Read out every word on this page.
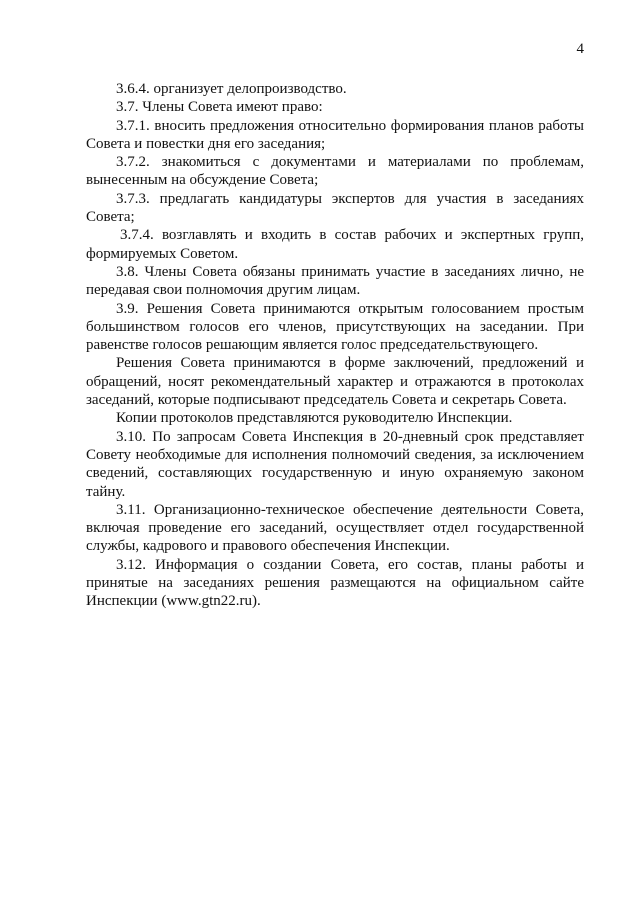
4

3.6.4. организует делопроизводство.

3.7. Члены Совета имеют право:

3.7.1. вносить предложения относительно формирования планов работы Совета и повестки дня его заседания;

3.7.2. знакомиться с документами и материалами по проблемам, вынесенным на обсуждение Совета;

3.7.3. предлагать кандидатуры экспертов для участия в заседаниях Совета;

3.7.4. возглавлять и входить в состав рабочих и экспертных групп, формируемых Советом.

3.8. Члены Совета обязаны принимать участие в заседаниях лично, не передавая свои полномочия другим лицам.

3.9. Решения Совета принимаются открытым голосованием простым большинством голосов его членов, присутствующих на заседании. При равенстве голосов решающим является голос председательствующего.

Решения Совета принимаются в форме заключений, предложений и обращений, носят рекомендательный характер и отражаются в протоколах заседаний, которые подписывают председатель Совета и секретарь Совета.

Копии протоколов представляются руководителю Инспекции.

3.10. По запросам Совета Инспекция в 20-дневный срок представляет Совету необходимые для исполнения полномочий сведения, за исключением сведений, составляющих государственную и иную охраняемую законом тайну.

3.11. Организационно-техническое обеспечение деятельности Совета, включая проведение его заседаний, осуществляет отдел государственной службы, кадрового и правового обеспечения Инспекции.

3.12. Информация о создании Совета, его состав, планы работы и принятые на заседаниях решения размещаются на официальном сайте Инспекции (www.gtn22.ru).
